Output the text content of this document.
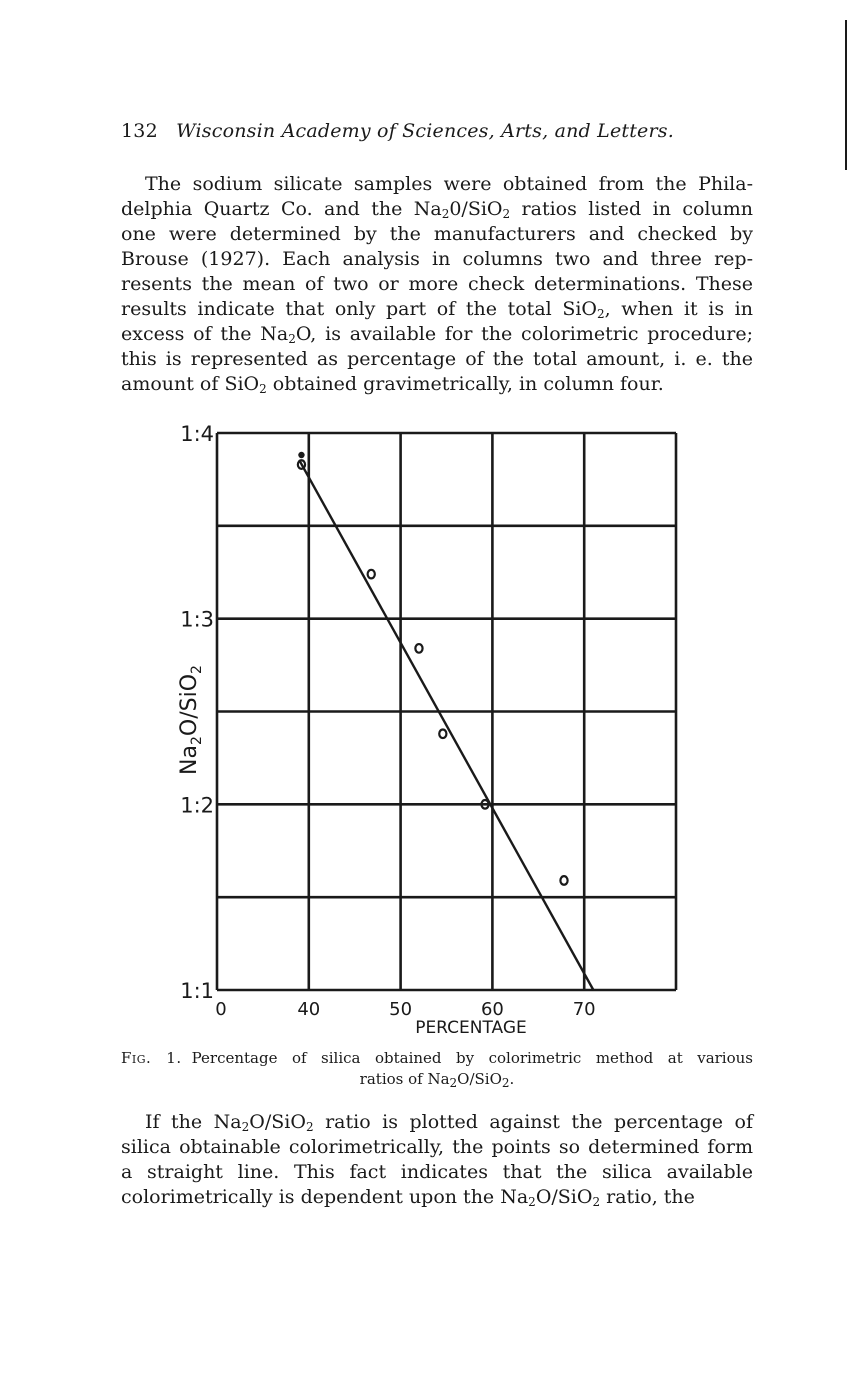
132 Wisconsin Academy of Sciences, Arts, and Letters.

The sodium silicate samples were obtained from the Phila-
delphia Quartz Co. and the $Na_20/SiO_2$ ratios listed in column
one were determined by the manufacturers and checked by
Brouse (1927). Each analysis in columns two and three rep-
resents the mean of two or more check determinations. These
results indicate that only part of the total SiO$_2$, when it is in
excess of the $Na_2O$, is available for the colorimetric procedure;
this is represented as percentage of the total amount, i. e. the
amount of SiO$_2$ obtained gravimetrically, in column four.

1:1
1:2
1:3
1:4
0	40	50	60	70
$Na_2O/SiO_2$
PERCENTAGE
Fig. 1. Percentage of silica obtained by colorimetric method at various
ratios of $Na_2O/SiO_2$.

If the $Na_2O/SiO_2$ ratio is plotted against the percentage of
silica obtainable colorimetrically, the points so determined form
a straight line. This fact indicates that the silica available
colorimetrically is dependent upon the $Na_2O/SiO_2$ ratio, the
